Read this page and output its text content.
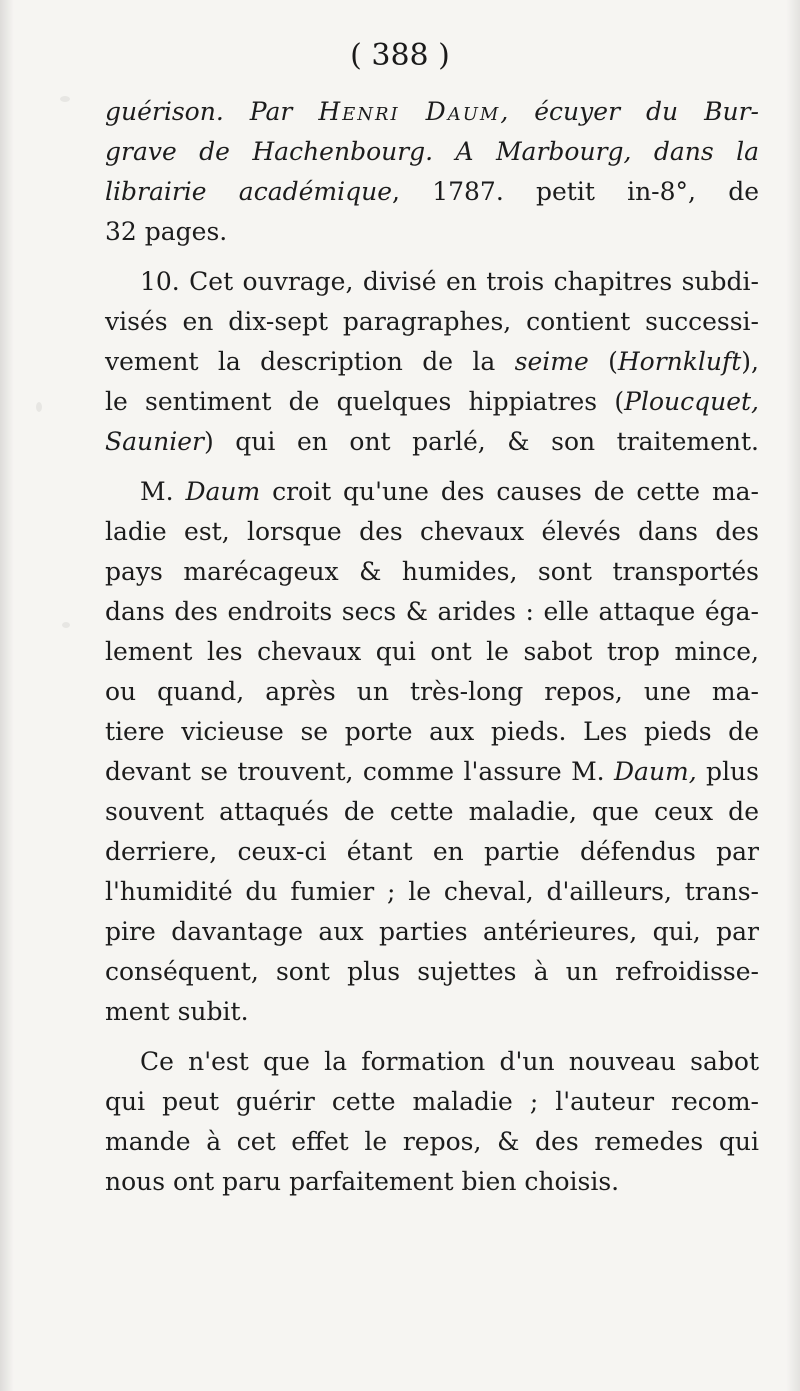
( 388 )
guérison. Par Henri Daum, écuyer du Bur-
grave de Hachenbourg. A Marbourg, dans la
librairie académique, 1787. petit in-8°, de
32 pages.
10. Cet ouvrage, divisé en trois chapitres subdi-
visés en dix-sept paragraphes, contient successi-
vement la description de la seime (Hornkluft),
le sentiment de quelques hippiatres (Ploucquet,
Saunier) qui en ont parlé, & son traitement.
M. Daum croit qu'une des causes de cette ma-
ladie est, lorsque des chevaux élevés dans des
pays marécageux & humides, sont transportés
dans des endroits secs & arides : elle attaque éga-
lement les chevaux qui ont le sabot trop mince,
ou quand, après un très-long repos, une ma-
tiere vicieuse se porte aux pieds. Les pieds de
devant se trouvent, comme l'assure M. Daum, plus
souvent attaqués de cette maladie, que ceux de
derriere, ceux-ci étant en partie défendus par
l'humidité du fumier ; le cheval, d'ailleurs, trans-
pire davantage aux parties antérieures, qui, par
conséquent, sont plus sujettes à un refroidisse-
ment subit.
Ce n'est que la formation d'un nouveau sabot
qui peut guérir cette maladie ; l'auteur recom-
mande à cet effet le repos, & des remedes qui
nous ont paru parfaitement bien choisis.
